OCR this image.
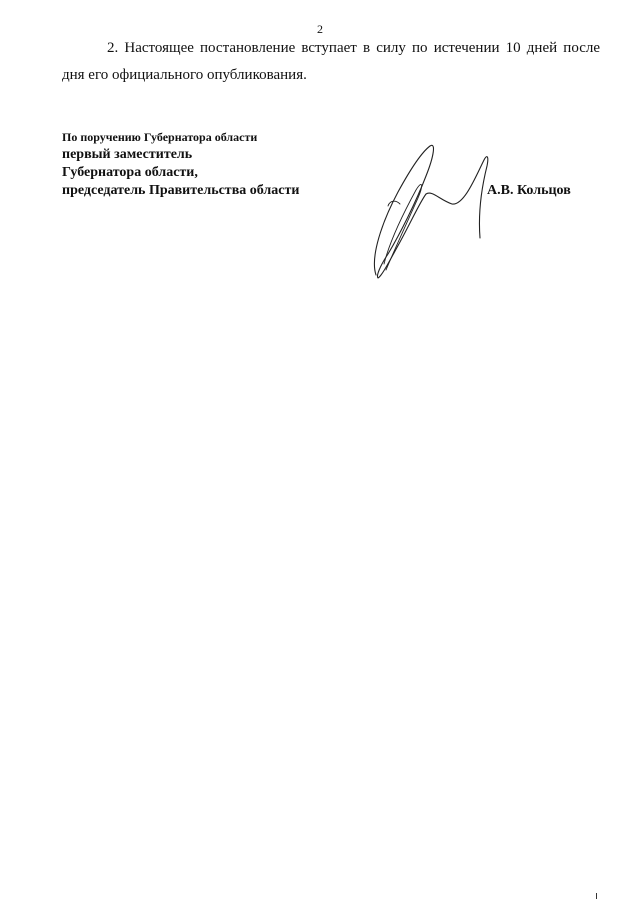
2
2. Настоящее постановление вступает в силу по истечении 10 дней после
дня его официального опубликования.
По поручению Губернатора области
первый заместитель
Губернатора области,
председатель Правительства области	А.В. Кольцов
